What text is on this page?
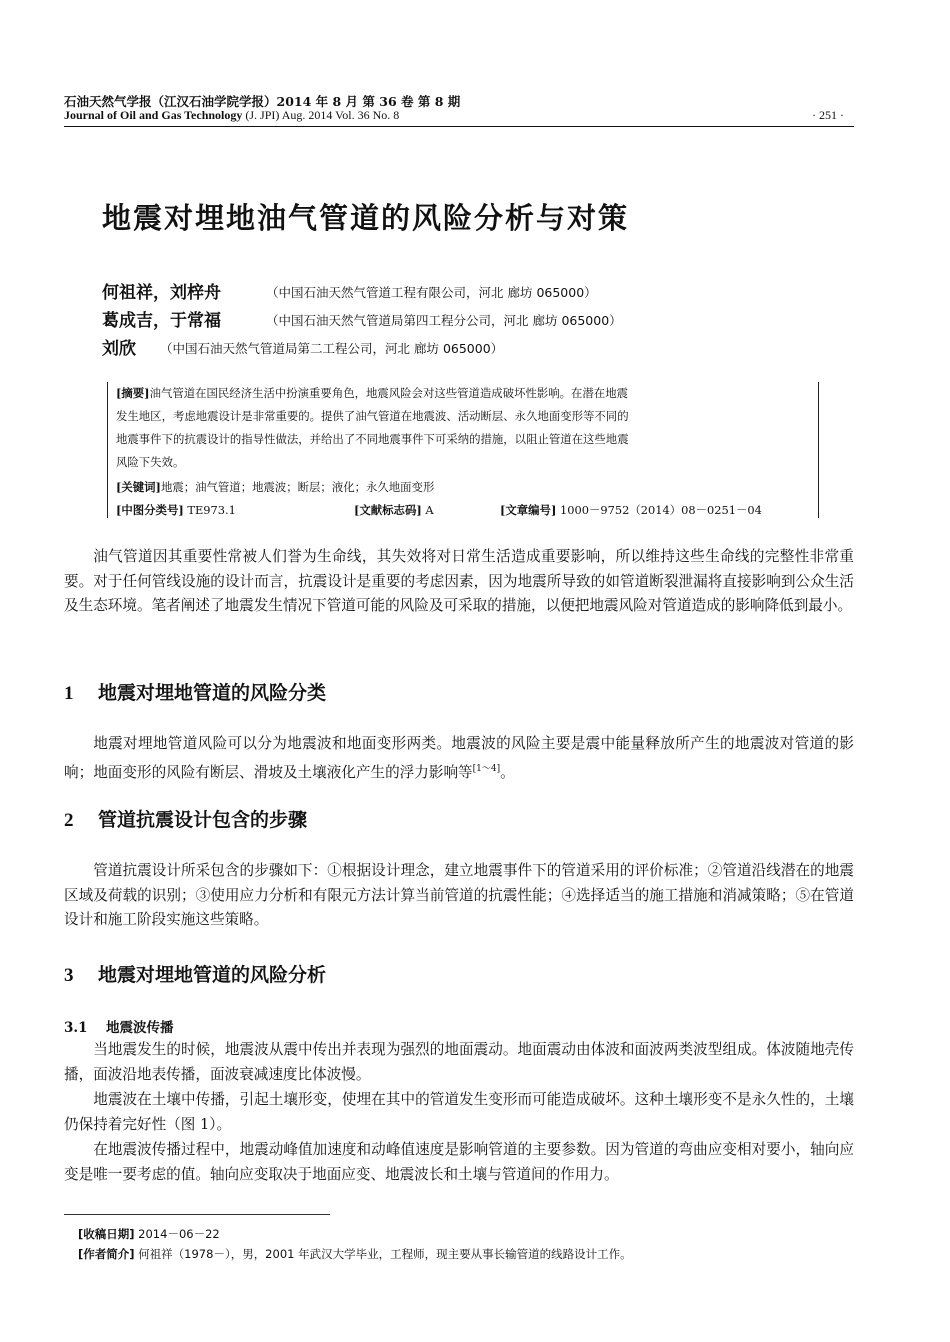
石油天然气学报（江汉石油学院学报）2014 年 8 月 第 36 卷 第 8 期
Journal of Oil and Gas Technology (J. JPI) Aug. 2014 Vol. 36 No. 8	· 251 ·
地震对埋地油气管道的风险分析与对策
何祖祥，刘梓舟	（中国石油天然气管道工程有限公司，河北 廊坊 065000）
葛成吉，于常福	（中国石油天然气管道局第四工程分公司，河北 廊坊 065000）
刘欣 （中国石油天然气管道局第二工程公司，河北 廊坊 065000）
[摘要]油气管道在国民经济生活中扮演重要角色，地震风险会对这些管道造成破坏性影响。在潜在地震
发生地区，考虑地震设计是非常重要的。提供了油气管道在地震波、活动断层、永久地面变形等不同的
地震事件下的抗震设计的指导性做法，并给出了不同地震事件下可采纳的措施，以阻止管道在这些地震
风险下失效。
[关键词]地震；油气管道；地震波；断层；液化；永久地面变形
[中图分类号] TE973.1	[文献标志码] A	[文章编号] 1000－9752（2014）08－0251－04
油气管道因其重要性常被人们誉为生命线，其失效将对日常生活造成重要影响，所以维持这些生命线的完整性非常重要。对于任何管线设施的设计而言，抗震设计是重要的考虑因素，因为地震所导致的如管道断裂泄漏将直接影响到公众生活及生态环境。笔者阐述了地震发生情况下管道可能的风险及可采取的措施，以便把地震风险对管道造成的影响降低到最小。
1 地震对埋地管道的风险分类
地震对埋地管道风险可以分为地震波和地面变形两类。地震波的风险主要是震中能量释放所产生的地震波对管道的影响；地面变形的风险有断层、滑坡及土壤液化产生的浮力影响等[1～4]。
2 管道抗震设计包含的步骤
管道抗震设计所采包含的步骤如下：①根据设计理念，建立地震事件下的管道采用的评价标准；②管道沿线潜在的地震区域及荷载的识别；③使用应力分析和有限元方法计算当前管道的抗震性能；④选择适当的施工措施和消减策略；⑤在管道设计和施工阶段实施这些策略。
3 地震对埋地管道的风险分析
3.1 地震波传播
当地震发生的时候，地震波从震中传出并表现为强烈的地面震动。地面震动由体波和面波两类波型组成。体波随地壳传播，面波沿地表传播，面波衰减速度比体波慢。
地震波在土壤中传播，引起土壤形变，使埋在其中的管道发生变形而可能造成破坏。这种土壤形变不是永久性的，土壤仍保持着完好性（图 1）。
在地震波传播过程中，地震动峰值加速度和动峰值速度是影响管道的主要参数。因为管道的弯曲应变相对要小，轴向应变是唯一要考虑的值。轴向应变取决于地面应变、地震波长和土壤与管道间的作用力。
[收稿日期] 2014－06－22
[作者简介] 何祖祥（1978－），男，2001 年武汉大学毕业，工程师，现主要从事长输管道的线路设计工作。
